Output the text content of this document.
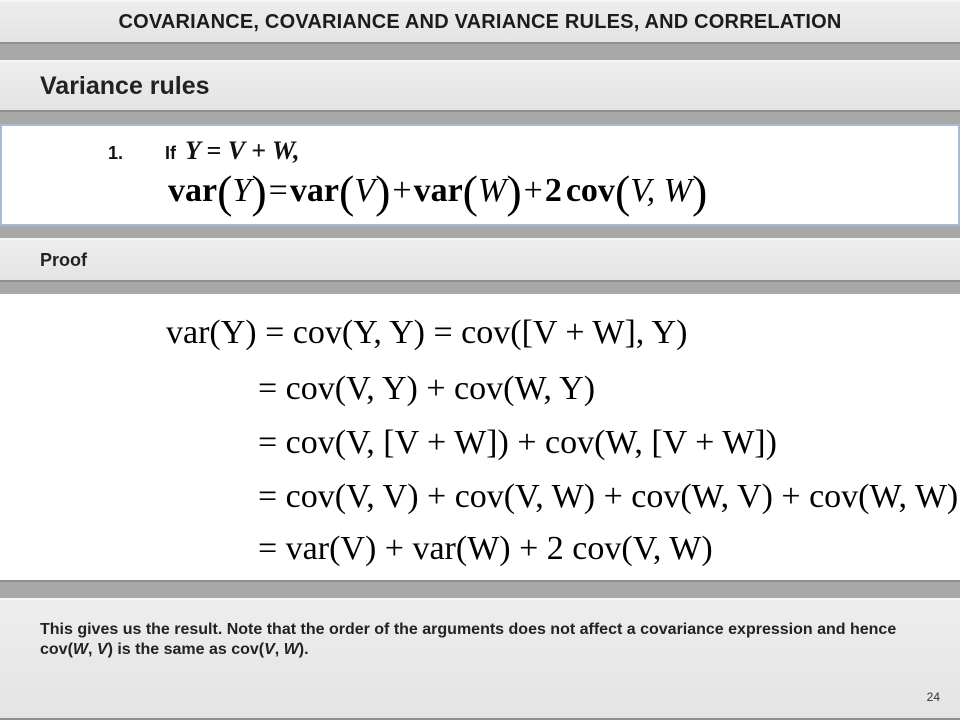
COVARIANCE, COVARIANCE AND VARIANCE RULES, AND CORRELATION
Variance rules
1. If Y = V + W,
var(Y)=var(V)+var(W)+2 cov(V, W)
Proof
var(Y) = cov(Y, Y) = cov([V + W], Y)
= cov(V, Y) + cov(W, Y)
= cov(V, [V + W]) + cov(W, [V + W])
= cov(V, V) + cov(V, W) + cov(W, V) + cov(W, W)
= var(V) + var(W) + 2 cov(V, W)
This gives us the result. Note that the order of the arguments does not affect a covariance expression and hence cov(W, V) is the same as cov(V, W).
24
